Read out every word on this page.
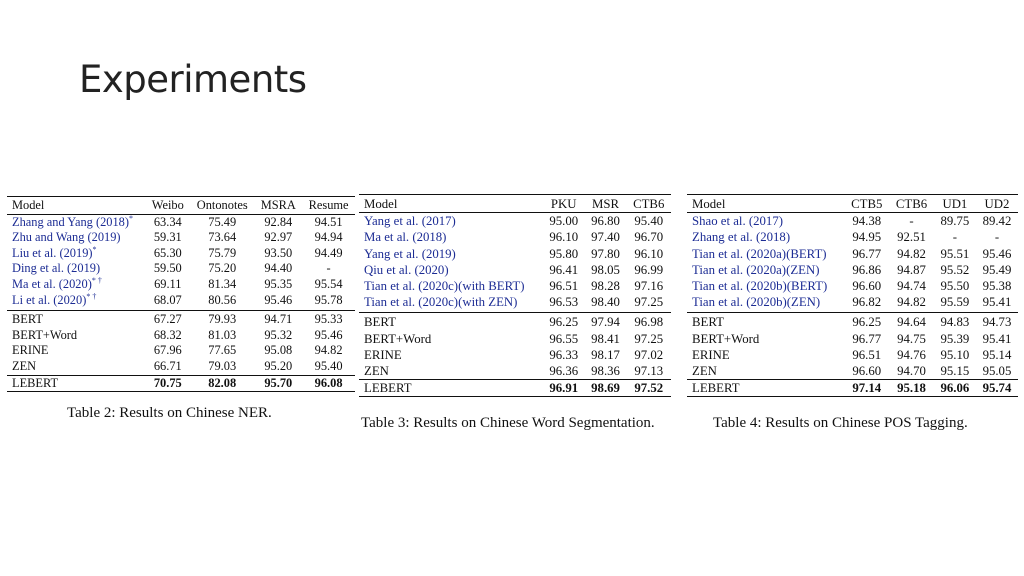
Experiments
Model	Weibo	Ontonotes	MSRA	Resume
Zhang and Yang (2018)*	63.34	75.49	92.84	94.51
Zhu and Wang (2019)	59.31	73.64	92.97	94.94
Liu et al. (2019)*	65.30	75.79	93.50	94.49
Ding et al. (2019)	59.50	75.20	94.40	-
Ma et al. (2020)* †	69.11	81.34	95.35	95.54
Li et al. (2020)* †	68.07	80.56	95.46	95.78
BERT	67.27	79.93	94.71	95.33
BERT+Word	68.32	81.03	95.32	95.46
ERINE	67.96	77.65	95.08	94.82
ZEN	66.71	79.03	95.20	95.40
LEBERT	70.75	82.08	95.70	96.08
Table 2: Results on Chinese NER.
Model	PKU	MSR	CTB6
Yang et al. (2017)	95.00	96.80	95.40
Ma et al. (2018)	96.10	97.40	96.70
Yang et al. (2019)	95.80	97.80	96.10
Qiu et al. (2020)	96.41	98.05	96.99
Tian et al. (2020c)(with BERT)	96.51	98.28	97.16
Tian et al. (2020c)(with ZEN)	96.53	98.40	97.25
BERT	96.25	97.94	96.98
BERT+Word	96.55	98.41	97.25
ERINE	96.33	98.17	97.02
ZEN	96.36	98.36	97.13
LEBERT	96.91	98.69	97.52
Table 3: Results on Chinese Word Segmentation.
Model	CTB5	CTB6	UD1	UD2
Shao et al. (2017)	94.38	-	89.75	89.42
Zhang et al. (2018)	94.95	92.51	-	-
Tian et al. (2020a)(BERT)	96.77	94.82	95.51	95.46
Tian et al. (2020a)(ZEN)	96.86	94.87	95.52	95.49
Tian et al. (2020b)(BERT)	96.60	94.74	95.50	95.38
Tian et al. (2020b)(ZEN)	96.82	94.82	95.59	95.41
BERT	96.25	94.64	94.83	94.73
BERT+Word	96.77	94.75	95.39	95.41
ERINE	96.51	94.76	95.10	95.14
ZEN	96.60	94.70	95.15	95.05
LEBERT	97.14	95.18	96.06	95.74
Table 4: Results on Chinese POS Tagging.
